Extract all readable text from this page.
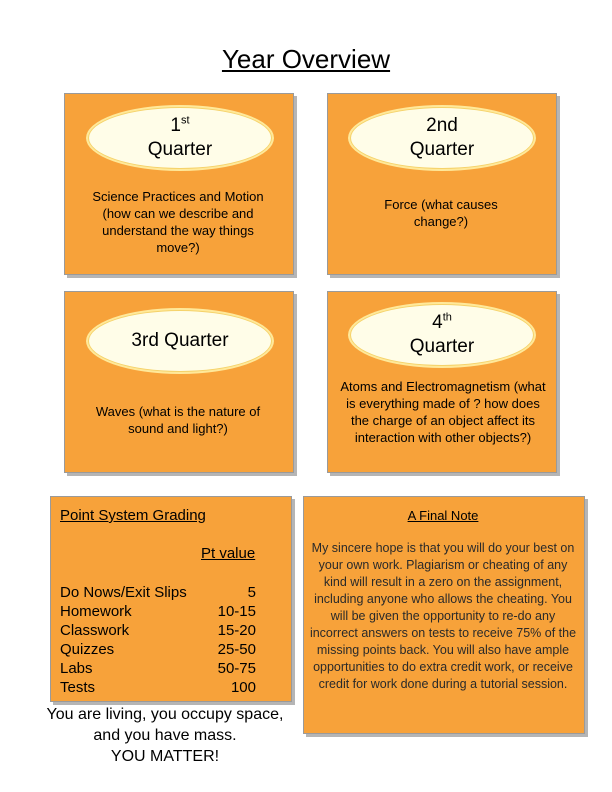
Year Overview
1st
Quarter
Science Practices and Motion (how can we describe and understand the way things move?)
2nd
Quarter
Force (what causes change?)
3rd Quarter
Waves (what is the nature of sound and light?)
4th
Quarter
Atoms and Electromagnetism (what is everything made of ? how does the charge of an object affect its interaction with other objects?)
Point System Grading
Pt value
Do Nows/Exit Slips	5
Homework	10-15
Classwork	15-20
Quizzes	25-50
Labs	50-75
Tests	100
You are living, you occupy space,
and you have mass.
YOU MATTER!
A Final Note
My sincere hope is that you will do your best on your own work. Plagiarism or cheating of any kind will result in a zero on the assignment, including anyone who allows the cheating. You will be given the opportunity to re-do any incorrect answers on tests to receive 75% of the missing points back. You will also have ample opportunities to do extra credit work, or receive credit for work done during a tutorial session.
